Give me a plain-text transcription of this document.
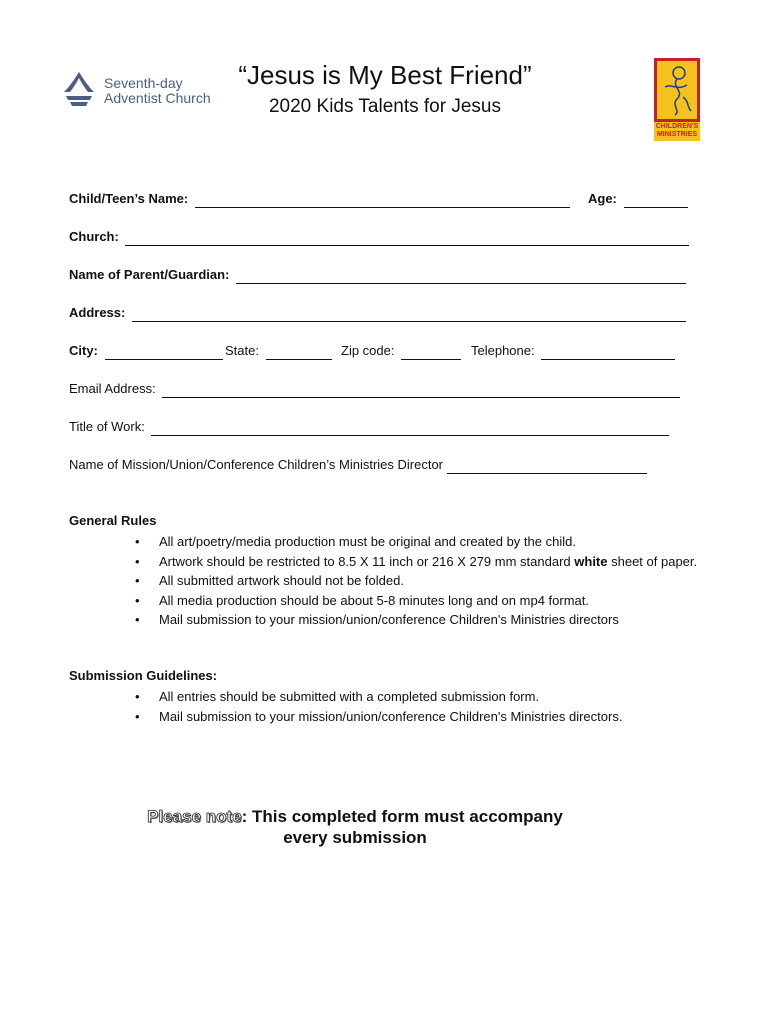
Seventh-day
Adventist Church
“Jesus is My Best Friend”
2020 Kids Talents for Jesus
CHILDREN'S
MINISTRIES
Child/Teen’s Name:	Age:
Church:
Name of Parent/Guardian:
Address:
City:	State:	Zip code:	Telephone:
Email Address:
Title of Work:
Name of Mission/Union/Conference Children’s Ministries Director
General Rules
• All art/poetry/media production must be original and created by the child.
• Artwork should be restricted to 8.5 X 11 inch or 216 X 279 mm standard white sheet of paper.
• All submitted artwork should not be folded.
• All media production should be about 5-8 minutes long and on mp4 format.
• Mail submission to your mission/union/conference Children's Ministries directors
Submission Guidelines:
• All entries should be submitted with a completed submission form.
• Mail submission to your mission/union/conference Children's Ministries directors.
Please note: This completed form must accompany
every submission
